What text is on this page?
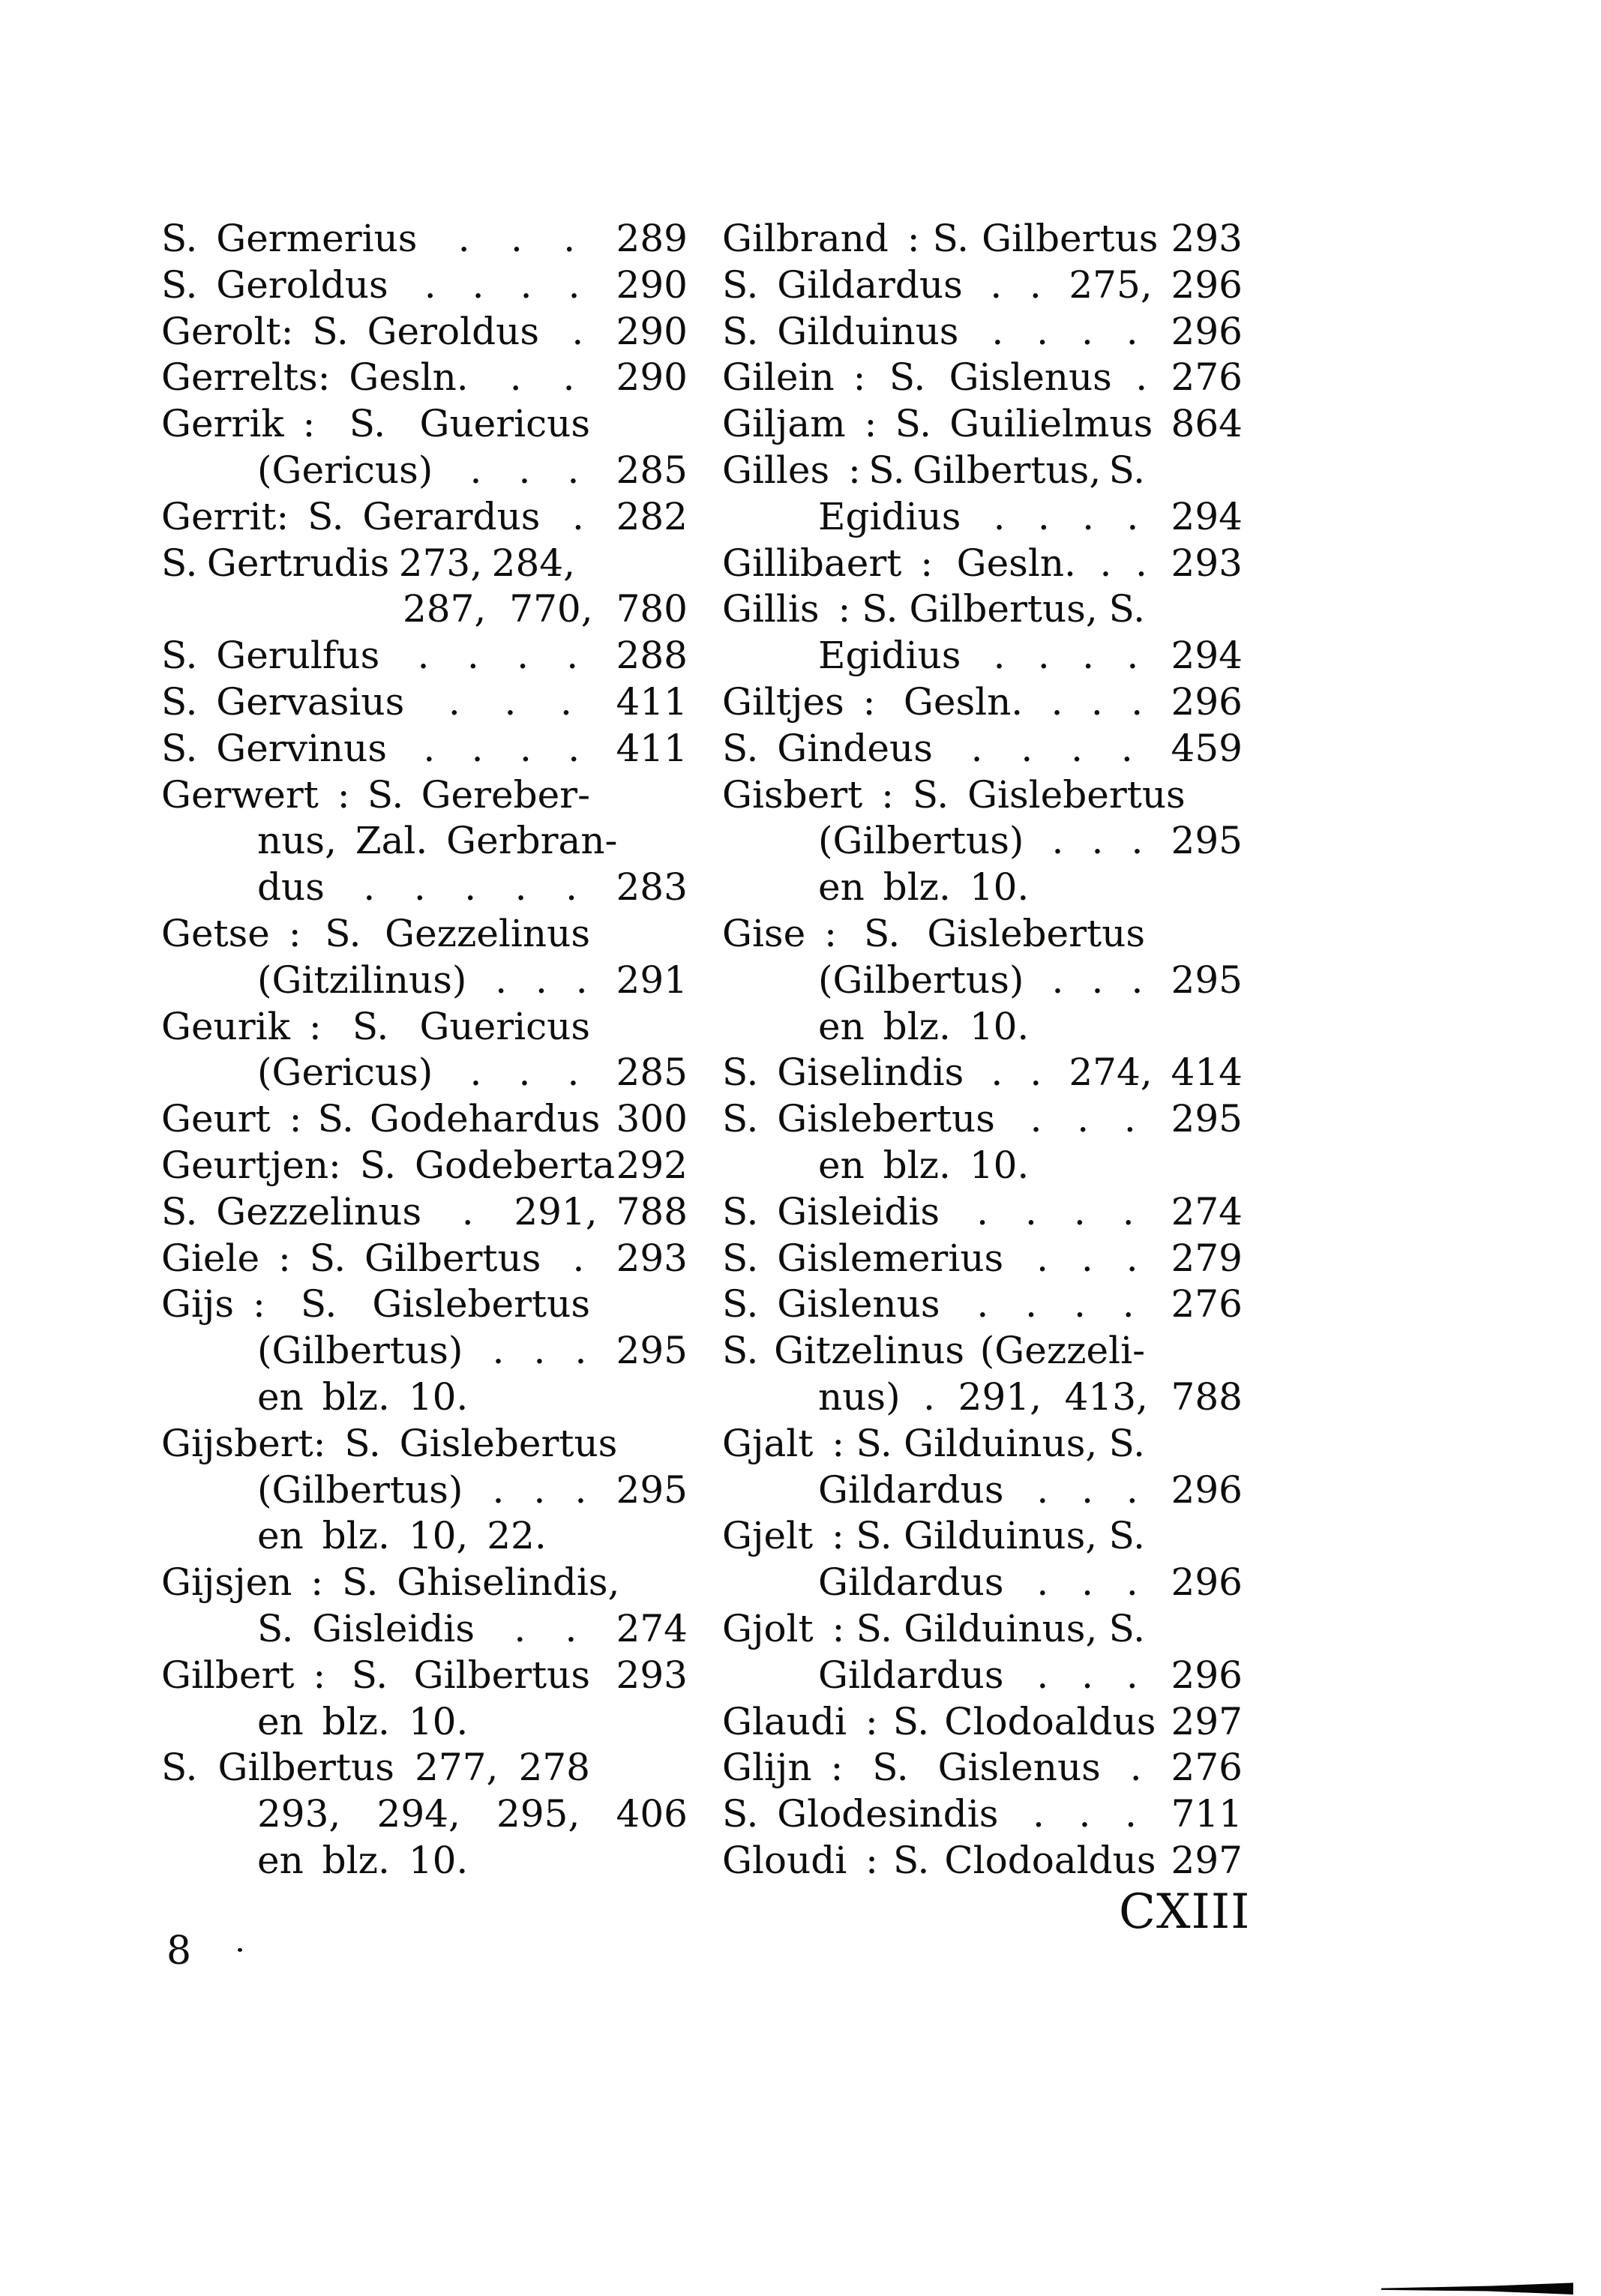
S. Germerius . . . 289
S. Geroldus . . . . 290
Gerolt: S. Geroldus . 290
Gerrelts: Gesln. . . 290
Gerrik : S. Guericus
(Gericus) . . . 285
Gerrit: S. Gerardus . 282
S. Gertrudis 273, 284,
287, 770, 780
S. Gerulfus . . . . 288
S. Gervasius . . . 411
S. Gervinus . . . . 411
Gerwert : S. Gereber-
nus, Zal. Gerbran-
dus . . . . . 283
Getse : S. Gezzelinus
(Gitzilinus) . . . 291
Geurik : S. Guericus
(Gericus) . . . 285
Geurt : S. Godehardus 300
Geurtjen: S. Godeberta 292
S. Gezzelinus . 291, 788
Giele : S. Gilbertus . 293
Gijs : S. Gislebertus
(Gilbertus) . . . 295
en blz. 10.
Gijsbert: S. Gislebertus
(Gilbertus) . . . 295
en blz. 10, 22.
Gijsjen : S. Ghiselindis,
S. Gisleidis . . 274
Gilbert : S. Gilbertus 293
en blz. 10.
S. Gilbertus 277, 278
293, 294, 295, 406
en blz. 10.
Gilbrand : S. Gilbertus 293
S. Gildardus . . 275, 296
S. Gilduinus . . . . 296
Gilein : S. Gislenus . 276
Giljam : S. Guilielmus 864
Gilles : S. Gilbertus, S.
Egidius . . . . 294
Gillibaert : Gesln. . . 293
Gillis : S. Gilbertus, S.
Egidius . . . . 294
Giltjes : Gesln. . . . 296
S. Gindeus . . . . 459
Gisbert : S. Gislebertus
(Gilbertus) . . . 295
en blz. 10.
Gise : S. Gislebertus
(Gilbertus) . . . 295
en blz. 10.
S. Giselindis . . 274, 414
S. Gislebertus . . . 295
en blz. 10.
S. Gisleidis . . . . 274
S. Gislemerius . . . 279
S. Gislenus . . . . 276
S. Gitzelinus (Gezzeli-
nus) . 291, 413, 788
Gjalt : S. Gilduinus, S.
Gildardus . . . 296
Gjelt : S. Gilduinus, S.
Gildardus . . . 296
Gjolt : S. Gilduinus, S.
Gildardus . . . 296
Glaudi : S. Clodoaldus 297
Glijn : S. Gislenus . 276
S. Glodesindis . . . 711
Gloudi : S. Clodoaldus 297
CXIII
8
